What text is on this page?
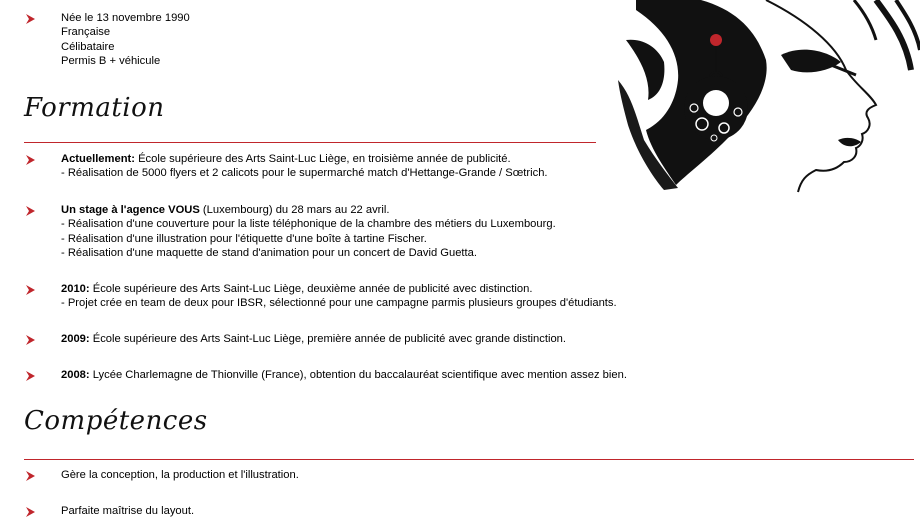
Née le 13 novembre 1990
Française
Célibataire
Permis B + véhicule
Formation
Actuellement: École supérieure des Arts Saint-Luc Liège, en troisième année de publicité.
- Réalisation de 5000 flyers et 2 calicots pour le supermarché match d'Hettange-Grande / Sœtrich.
Un stage à l'agence VOUS (Luxembourg) du 28 mars au 22 avril.
- Réalisation d'une couverture pour la liste téléphonique de la chambre des métiers du Luxembourg.
- Réalisation d'une illustration pour l'étiquette d'une boîte à tartine Fischer.
- Réalisation d'une maquette de stand d'animation pour un concert de David Guetta.
2010: École supérieure des Arts Saint-Luc Liège, deuxième année de publicité avec distinction.
- Projet crée en team de deux pour IBSR, sélectionné pour une campagne parmis plusieurs groupes d'étudiants.
2009: École supérieure des Arts Saint-Luc Liège, première année de publicité avec grande distinction.
2008: Lycée Charlemagne de Thionville (France), obtention du baccalauréat scientifique avec mention assez bien.
Compétences
Gère la conception, la production et l'illustration.
Parfaite maîtrise du layout.
